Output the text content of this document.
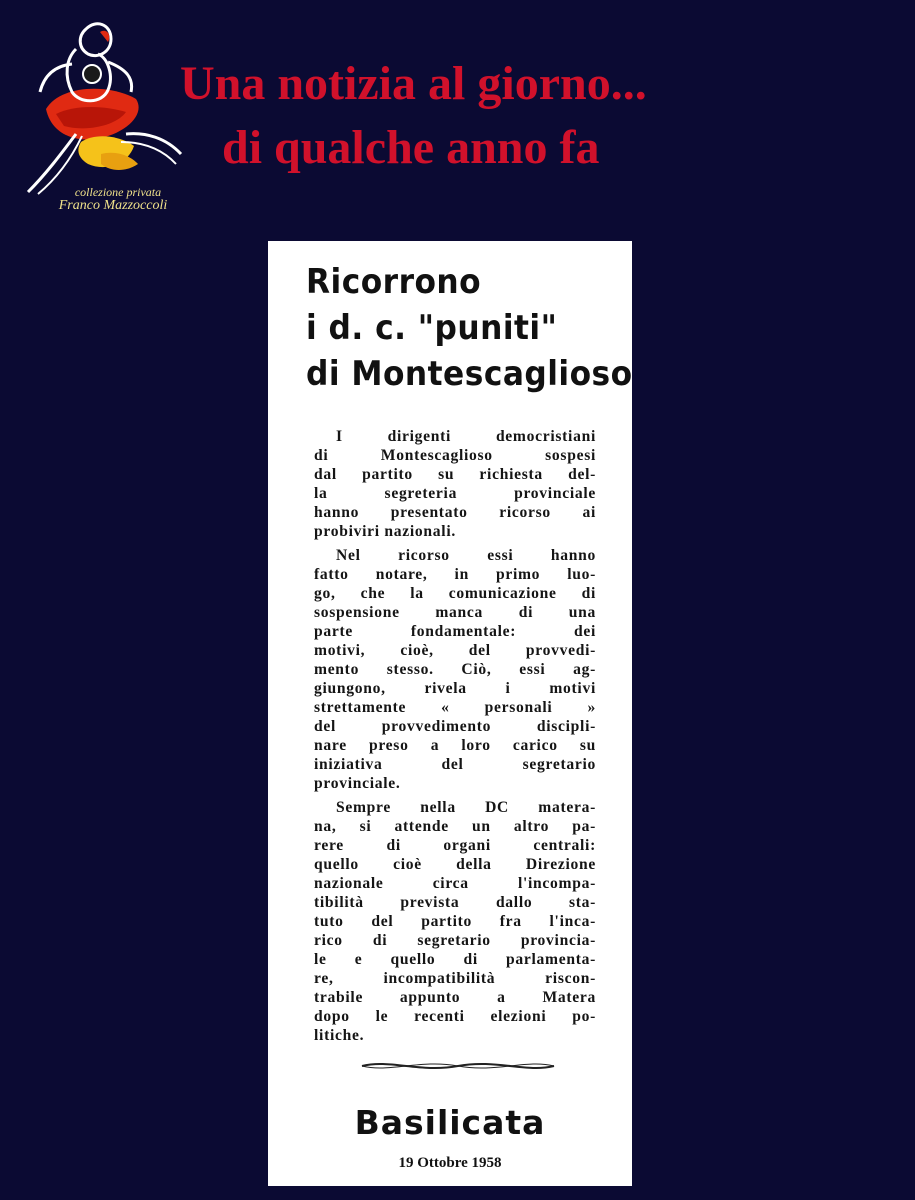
collezione privata
Franco Mazzoccoli
Una notizia al giorno...
di qualche anno fa
Ricorrono
i d. c. "puniti"
di Montescaglioso

I dirigenti democristiani
di Montescaglioso sospesi
dal partito su richiesta del-
la segreteria provinciale
hanno presentato ricorso ai
probiviri nazionali.

Nel ricorso essi hanno
fatto notare, in primo luo-
go, che la comunicazione di
sospensione manca di una
parte fondamentale: dei
motivi, cioè, del provvedi-
mento stesso. Ciò, essi ag-
giungono, rivela i motivi
strettamente « personali »
del provvedimento discipli-
nare preso a loro carico su
iniziativa del segretario
provinciale.

Sempre nella DC matera-
na, si attende un altro pa-
rere di organi centrali:
quello cioè della Direzione
nazionale circa l'incompa-
tibilità prevista dallo sta-
tuto del partito fra l'inca-
rico di segretario provincia-
le e quello di parlamenta-
re, incompatibilità riscon-
trabile appunto a Matera
dopo le recenti elezioni po-
litiche.

Basilicata
19 Ottobre 1958
